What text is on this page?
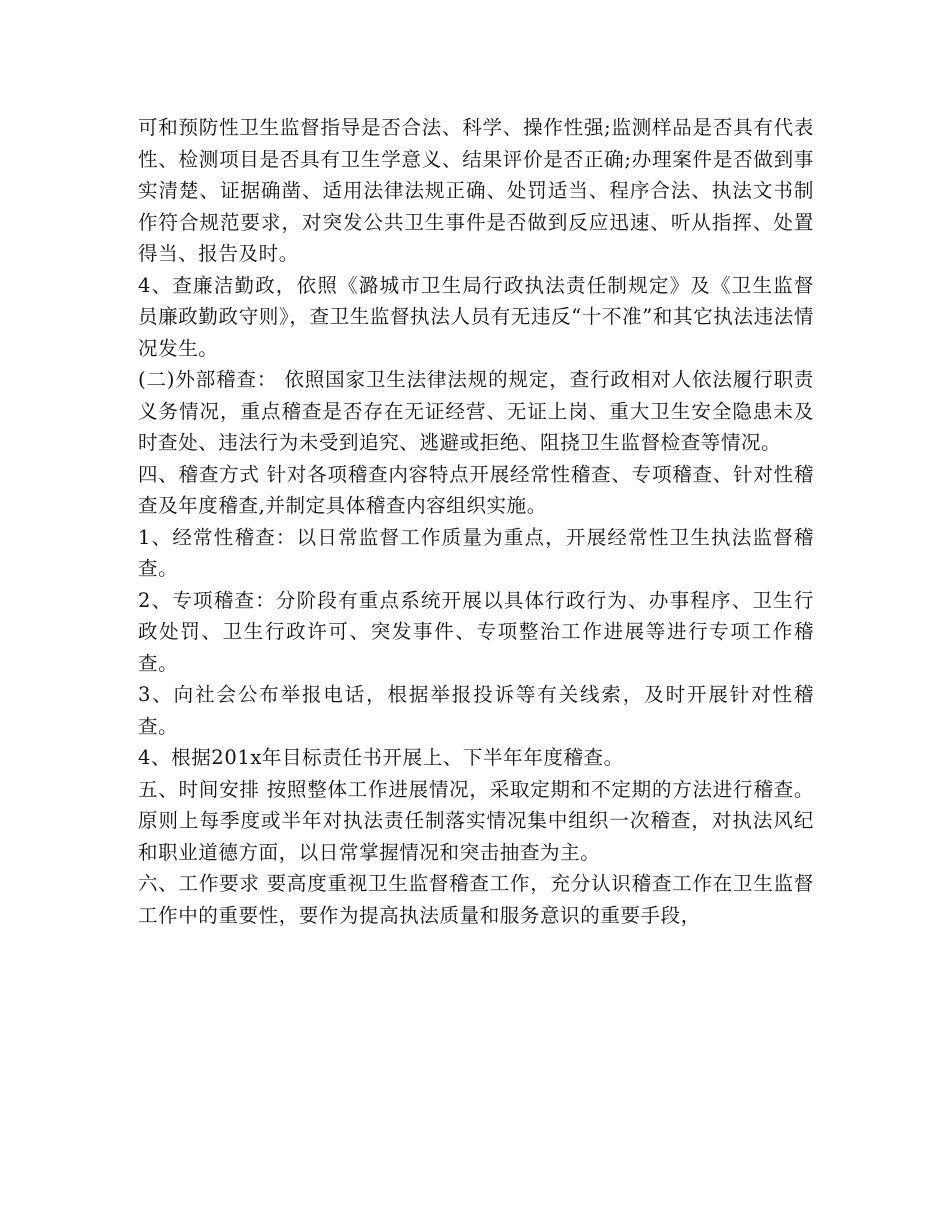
可和预防性卫生监督指导是否合法、科学、操作性强;监测样品是否具有代表性、检测项目是否具有卫生学意义、结果评价是否正确;办理案件是否做到事实清楚、证据确凿、适用法律法规正确、处罚适当、程序合法、执法文书制作符合规范要求，对突发公共卫生事件是否做到反应迅速、听从指挥、处置得当、报告及时。

4、查廉洁勤政，依照《潞城市卫生局行政执法责任制规定》及《卫生监督员廉政勤政守则》，查卫生监督执法人员有无违反“十不准”和其它执法违法情况发生。

(二)外部稽查： 依照国家卫生法律法规的规定，查行政相对人依法履行职责义务情况，重点稽查是否存在无证经营、无证上岗、重大卫生安全隐患未及时查处、违法行为未受到追究、逃避或拒绝、阻挠卫生监督检查等情况。

四、稽查方式 针对各项稽查内容特点开展经常性稽查、专项稽查、针对性稽查及年度稽查,并制定具体稽查内容组织实施。

1、经常性稽查：以日常监督工作质量为重点，开展经常性卫生执法监督稽查。

2、专项稽查：分阶段有重点系统开展以具体行政行为、办事程序、卫生行政处罚、卫生行政许可、突发事件、专项整治工作进展等进行专项工作稽查。

3、向社会公布举报电话，根据举报投诉等有关线索，及时开展针对性稽查。

4、根据201x年目标责任书开展上、下半年年度稽查。

五、时间安排 按照整体工作进展情况，采取定期和不定期的方法进行稽查。原则上每季度或半年对执法责任制落实情况集中组织一次稽查，对执法风纪和职业道德方面，以日常掌握情况和突击抽查为主。

六、工作要求 要高度重视卫生监督稽查工作，充分认识稽查工作在卫生监督工作中的重要性，要作为提高执法质量和服务意识的重要手段，
